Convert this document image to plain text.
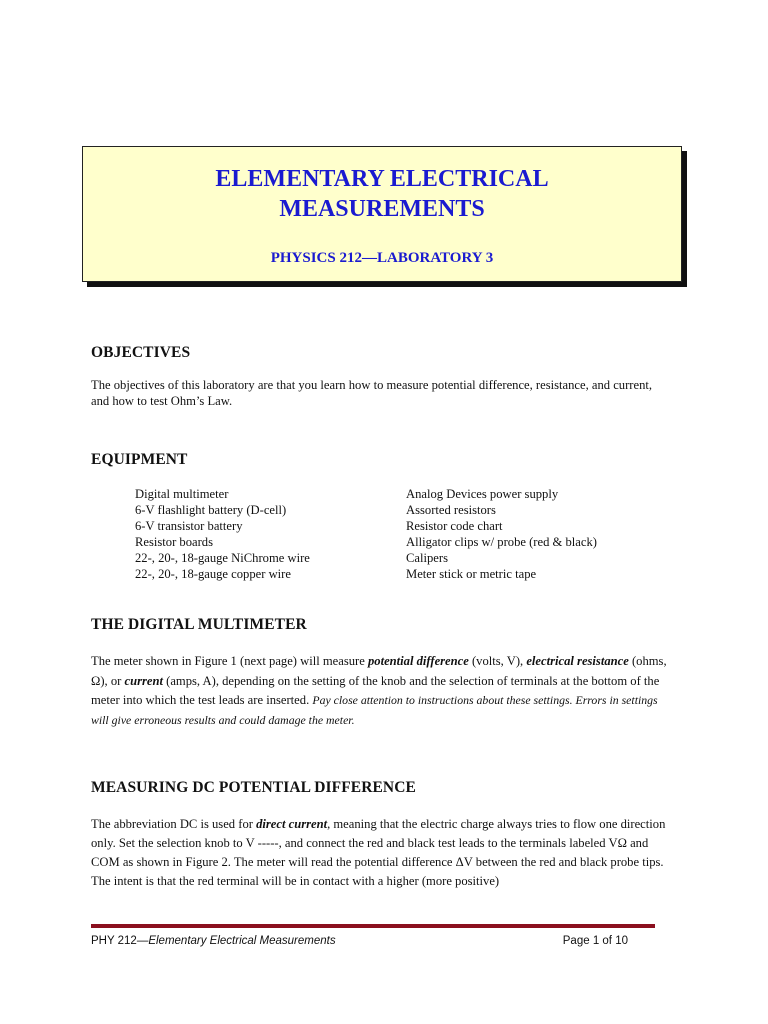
ELEMENTARY ELECTRICAL
MEASUREMENTS
PHYSICS 212—LABORATORY 3
OBJECTIVES
The objectives of this laboratory are that you learn how to measure potential difference, resistance, and current, and how to test Ohm’s Law.
EQUIPMENT
Digital multimeter
6-V flashlight battery (D-cell)
6-V transistor battery
Resistor boards
22-, 20-, 18-gauge NiChrome wire
22-, 20-, 18-gauge copper wire
Analog Devices power supply
Assorted resistors
Resistor code chart
Alligator clips w/ probe (red & black)
Calipers
Meter stick or metric tape
THE DIGITAL MULTIMETER
The meter shown in Figure 1 (next page) will measure potential difference (volts, V), electrical resistance (ohms, Ω), or current (amps, A), depending on the setting of the knob and the selection of terminals at the bottom of the meter into which the test leads are inserted. Pay close attention to instructions about these settings. Errors in settings will give erroneous results and could damage the meter.
MEASURING DC POTENTIAL DIFFERENCE
The abbreviation DC is used for direct current, meaning that the electric charge always tries to flow one direction only. Set the selection knob to V -----, and connect the red and black test leads to the terminals labeled VΩ and COM as shown in Figure 2. The meter will read the potential difference ΔV between the red and black probe tips. The intent is that the red terminal will be in contact with a higher (more positive)
PHY 212—Elementary Electrical Measurements	Page 1 of 10
